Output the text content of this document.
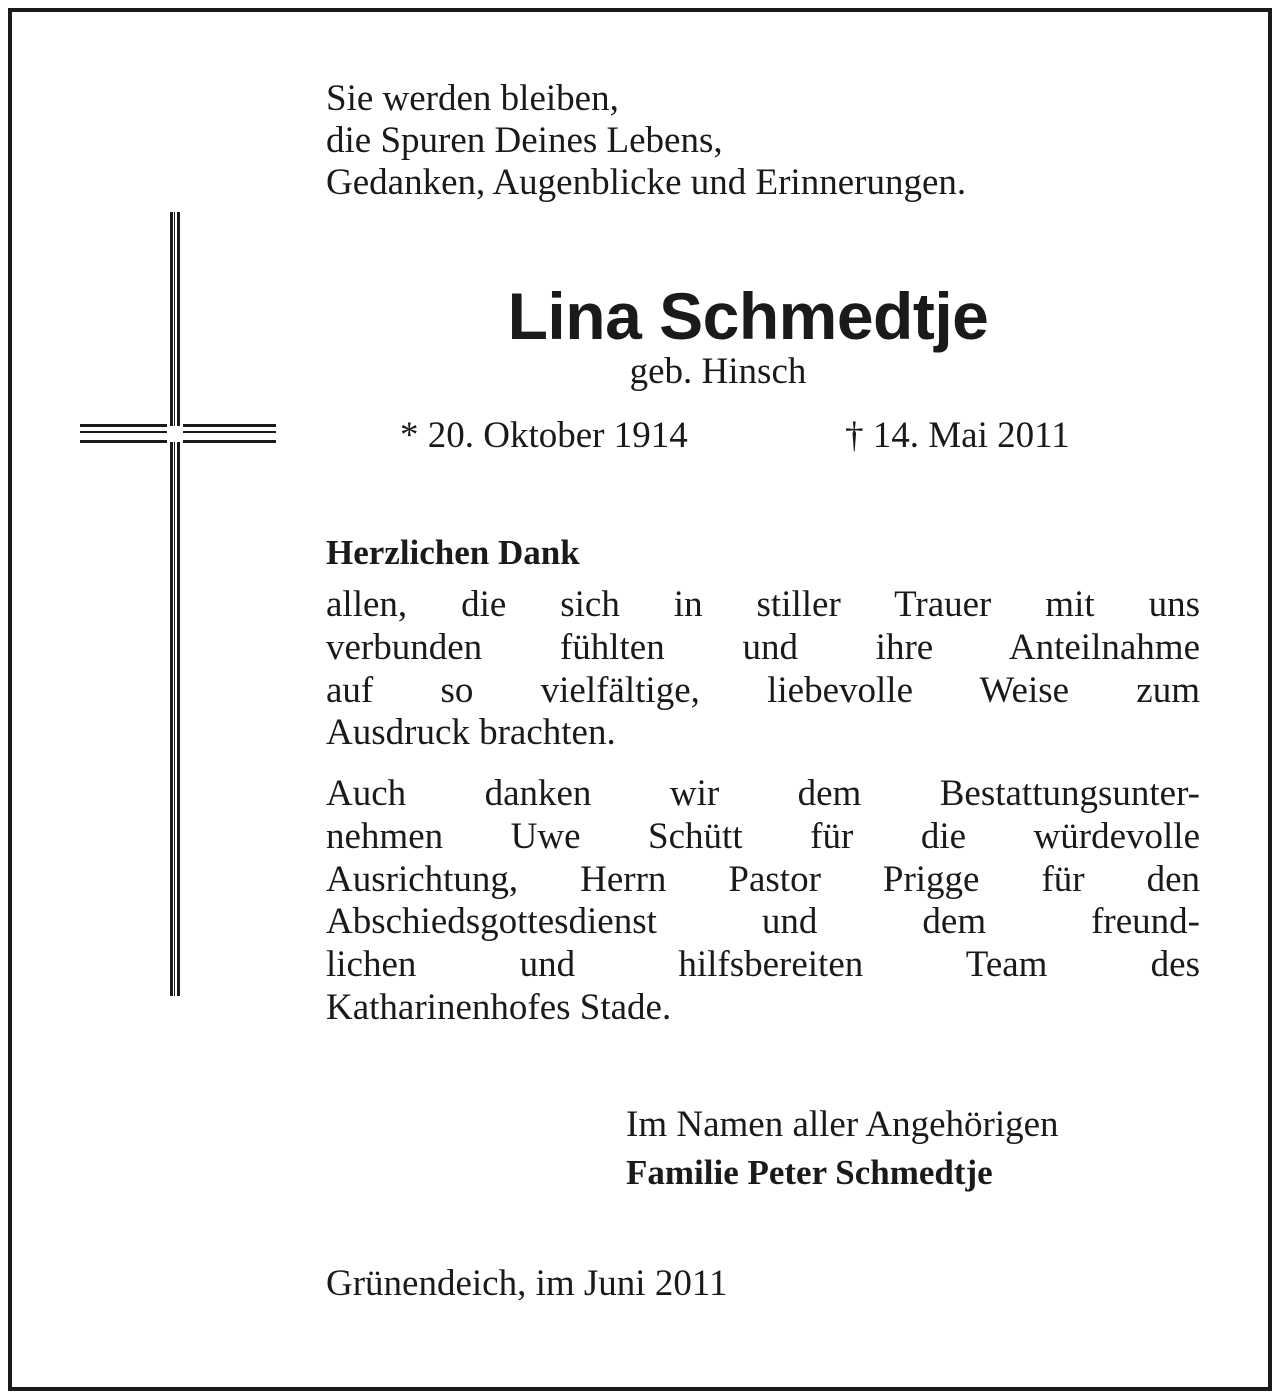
Sie werden bleiben,
die Spuren Deines Lebens,
Gedanken, Augenblicke und Erinnerungen.
Lina Schmedtje
geb. Hinsch
* 20. Oktober 1914	† 14. Mai 2011
Herzlichen Dank
allen, die sich in stiller Trauer mit uns
verbunden fühlten und ihre Anteilnahme
auf so vielfältige, liebevolle Weise zum
Ausdruck brachten.
Auch danken wir dem Bestattungsunter-
nehmen Uwe Schütt für die würdevolle
Ausrichtung, Herrn Pastor Prigge für den
Abschiedsgottesdienst und dem freund-
lichen und hilfsbereiten Team des
Katharinenhofes Stade.
Im Namen aller Angehörigen
Familie Peter Schmedtje
Grünendeich, im Juni 2011
